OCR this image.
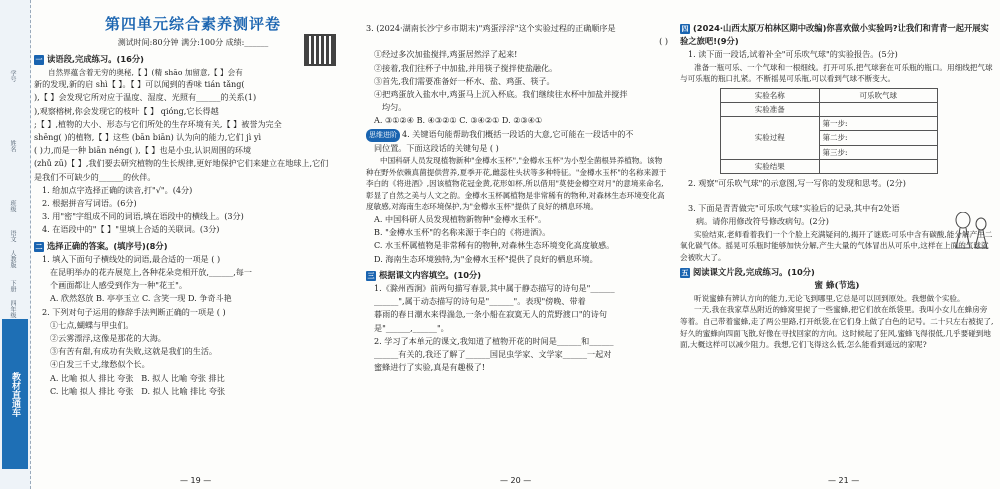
学号
姓名
班级
语文
人教版
下册
四年级
教材直通车
第四单元综合素养测评卷
测试时间:80分钟 满分:100分 成绩:______
一 读语段,完成练习。(16分)

自然界蕴含着无穷的奥秘,【 】(精 shāo 加留意,【 】会有

新的发现,新的启 shì【 】。【 】可以闻到的香味 tián tǎng(

),【 】会发现它所对应于温度、湿度、光照有______的关系(1)

),观察榕树,你会发现它的枝叶【 】 qióng,它长得越

;【 】,植物的大小、形态与它们所处的生存环境有关,【 】被誉为完全

shēng( )的植物,【 】这些 (bān biān) 认为向的能力,它们 jì yì

( )力,而是一种 biān néng( ),【 】也是小虫,认识周围的环境

(zhǔ zū)【 】,我们要去研究植物的生长规律,更好地保护它们来建立在地球上,它们

是我们不可缺少的______的伙伴。

1. 给加点字选择正确的读音,打"√"。(4分)

2. 根据拼音写词语。(6分)

3. 用"密"字组成不同的词语,填在语段中的横线上。(3分)

4. 在语段中的"【 】"里填上合适的关联词。(3分)

二 选择正确的答案。(填序号)(8分)

1. 填入下面句子横线处的词语,最合适的一项是 ( )

在昆明举办的花卉展览上,各种花朵竞相开放,______,每一

个画面都让人感受到作为一种"花王"。

A. 欣然怒放 B. 亭亭玉立 C. 含笑一现 D. 争奇斗艳

2. 下列对句子运用的修辞手法判断正确的一项是 ( )

①七点,蝴蝶与甲虫们。

②云雾漂浮,这像是那花的大海。

③有苦有甜,有成功有失败,这就是我们的生活。

④白发三千丈,缘愁似个长。

A. 比喻 拟人 排比 夸张 B. 拟人 比喻 夸张 排比

C. 比喻 拟人 排比 夸张 D. 拟人 比喻 排比 夸张

— 19 —

3. (2024·湖南长沙宁乡市期末)"鸡蛋浮浮"这个实验过程的正确顺序是

( )

①经过多次加盐搅拌,鸡蛋居然浮了起来!

②接着,我们往杯子中加盐,并用筷子搅拌使盐融化。

③首先,我们需要准备好一杯水、盐、鸡蛋、筷子。

④把鸡蛋放入盐水中,鸡蛋马上沉入杯底。我们继续往水杯中加盐并搅拌

均匀。

A. ③①②④ B. ④③②① C. ③④②① D. ②③④①

思维进阶 4. 关键语句能帮助我们概括一段话的大意,它可能在一段话中的不

同位置。下面这段话的关键句是 ( )

中国科研人员发现植物新种"金樽水玉杯","金樽水玉杯"为小型全菌根异养植物。该物种在野外依赖真菌提供营养,夏季开花,雌蕊柱头状等多种特征。"金樽水玉杯"的名称来源于李白的《将进酒》,因该植物花冠金黄,花形如杯,所以借用"莫使金樽空对月"的意境来命名,彰显了自然之美与人文之韵。金樽水玉杯属植物是非常稀有的物种,对森林生态环境变化高度敏感,对海南生态环境保护,为"金樽水玉杯"提供了良好的栖息环境。

A. 中国科研人员发现植物新物种"金樽水玉杯"。

B. "金樽水玉杯"的名称来源于李白的《将进酒》。

C. 水玉杯属植物是非常稀有的物种,对森林生态环境变化高度敏感。

D. 海南生态环境独特,为"金樽水玉杯"提供了良好的栖息环境。

三 根据课文内容填空。(10分)

1.《滁州西涧》前两句描写春景,其中属于静态描写的诗句是"______

______",属于动态描写的诗句是"______"。表现"傍晚、带着

暮雨的春日潮水来得湍急,一条小船在寂寞无人的荒野渡口"的诗句

是"______,______"。

2. 学习了本单元的课文,我知道了植物开花的时间是______和______

______有关的,我还了解了______国昆虫学家、文学家______一起对

蜜蜂进行了实验,真是有趣极了!

— 20 —
四 (2024·山西太原万柏林区期中改编)你喜欢做小实验吗?让我们和青青一起开展实验之旅吧!(9分)

1. 读下面一段话,试着补全"可乐吹气球"的实验报告。(5分)

准备一瓶可乐、一个气球和一根细线。打开可乐,把气球套在可乐瓶的瓶口。用细线把气球与可乐瓶的瓶口扎紧。不断摇晃可乐瓶,可以看到气球不断变大。

实验名称	可乐吹气球
实验准备	
实验过程	第一步:
	第二步:
	第三步:
实验结果	

2. 观察"可乐吹气球"的示意图,写一写你的发现和思考。(2分)

3. 下面是青青做完"可乐吹气球"实验后的记录,其中有2处语

病。请你用修改符号修改病句。(2分)

实验结束,老师看着我们一个个脸上充满疑问的,揭开了谜底:可乐中含有碳酸,能分解产生二氧化碳气体。摇晃可乐瓶时能够加快分解,产生大量的气体冒出从可乐中,这样在上面的气球就会被吹大了。

五 阅读课文片段,完成练习。(10分)
蜜 蜂(节选)

听说蜜蜂有辨认方向的能力,无论飞到哪里,它总是可以回到原处。我想做个实验。

一天,我在我家草丛附近的蜂窝里捉了一些蜜蜂,把它们放在纸袋里。我叫小女儿在蜂房旁等着。自己带着蜜蜂,走了两公里路,打开纸袋,在它们身上做了白色的记号。二十只左右被捉了,好久的蜜蜂向四面飞散,好像在寻找回家的方向。这时候起了狂风,蜜蜂飞得很低,几乎要碰到地面,大概这样可以减少阻力。我想,它们飞得这么低,怎么能看到遥远的家呢?

— 21 —
